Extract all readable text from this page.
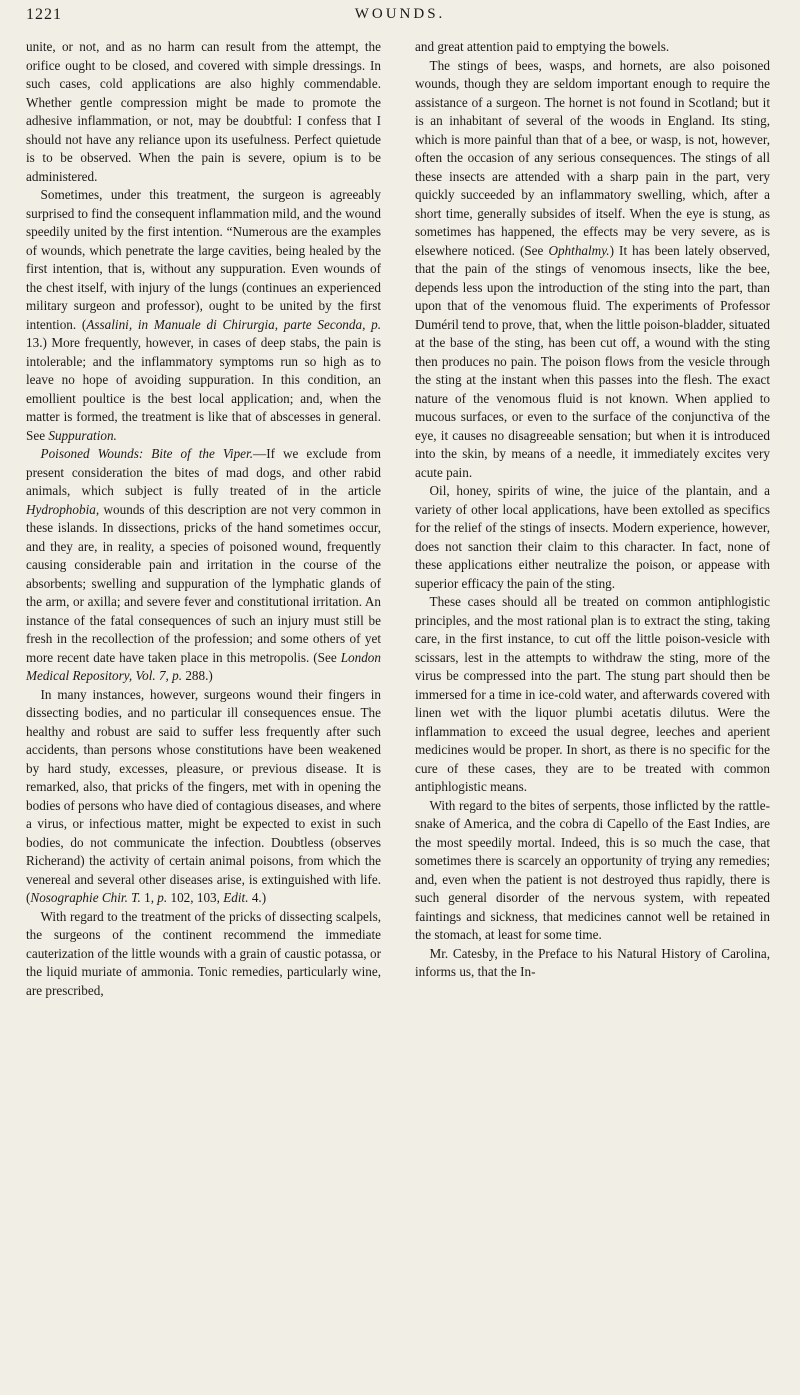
1221	WOUNDS.

unite, or not, and as no harm can result from the attempt, the orifice ought to be closed, and covered with simple dressings. In such cases, cold applications are also highly commendable. Whether gentle compression might be made to promote the adhesive inflammation, or not, may be doubtful: I confess that I should not have any reliance upon its usefulness. Perfect quietude is to be observed. When the pain is severe, opium is to be administered.

Sometimes, under this treatment, the surgeon is agreeably surprised to find the consequent inflammation mild, and the wound speedily united by the first intention. “Numerous are the examples of wounds, which penetrate the large cavities, being healed by the first intention, that is, without any suppuration. Even wounds of the chest itself, with injury of the lungs (continues an experienced military surgeon and professor), ought to be united by the first intention. (Assalini, in Manuale di Chirurgia, parte Seconda, p. 13.) More frequently, however, in cases of deep stabs, the pain is intolerable; and the inflammatory symptoms run so high as to leave no hope of avoiding suppuration. In this condition, an emollient poultice is the best local application; and, when the matter is formed, the treatment is like that of abscesses in general. See Suppuration.

Poisoned Wounds: Bite of the Viper.—If we exclude from present consideration the bites of mad dogs, and other rabid animals, which subject is fully treated of in the article Hydrophobia, wounds of this description are not very common in these islands. In dissections, pricks of the hand sometimes occur, and they are, in reality, a species of poisoned wound, frequently causing considerable pain and irritation in the course of the absorbents; swelling and suppuration of the lymphatic glands of the arm, or axilla; and severe fever and constitutional irritation. An instance of the fatal consequences of such an injury must still be fresh in the recollection of the profession; and some others of yet more recent date have taken place in this metropolis. (See London Medical Repository, Vol. 7, p. 288.)

In many instances, however, surgeons wound their fingers in dissecting bodies, and no particular ill consequences ensue. The healthy and robust are said to suffer less frequently after such accidents, than persons whose constitutions have been weakened by hard study, excesses, pleasure, or previous disease. It is remarked, also, that pricks of the fingers, met with in opening the bodies of persons who have died of contagious diseases, and where a virus, or infectious matter, might be expected to exist in such bodies, do not communicate the infection. Doubtless (observes Richerand) the activity of certain animal poisons, from which the venereal and several other diseases arise, is extinguished with life. (Nosographie Chir. T. 1, p. 102, 103, Edit. 4.)

With regard to the treatment of the pricks of dissecting scalpels, the surgeons of the continent recommend the immediate cauterization of the little wounds with a grain of caustic potassa, or the liquid muriate of ammonia. Tonic remedies, particularly wine, are prescribed,

and great attention paid to emptying the bowels.

The stings of bees, wasps, and hornets, are also poisoned wounds, though they are seldom important enough to require the assistance of a surgeon. The hornet is not found in Scotland; but it is an inhabitant of several of the woods in England. Its sting, which is more painful than that of a bee, or wasp, is not, however, often the occasion of any serious consequences. The stings of all these insects are attended with a sharp pain in the part, very quickly succeeded by an inflammatory swelling, which, after a short time, generally subsides of itself. When the eye is stung, as sometimes has happened, the effects may be very severe, as is elsewhere noticed. (See Ophthalmy.) It has been lately observed, that the pain of the stings of venomous insects, like the bee, depends less upon the introduction of the sting into the part, than upon that of the venomous fluid. The experiments of Professor Duméril tend to prove, that, when the little poison-bladder, situated at the base of the sting, has been cut off, a wound with the sting then produces no pain. The poison flows from the vesicle through the sting at the instant when this passes into the flesh. The exact nature of the venomous fluid is not known. When applied to mucous surfaces, or even to the surface of the conjunctiva of the eye, it causes no disagreeable sensation; but when it is introduced into the skin, by means of a needle, it immediately excites very acute pain.

Oil, honey, spirits of wine, the juice of the plantain, and a variety of other local applications, have been extolled as specifics for the relief of the stings of insects. Modern experience, however, does not sanction their claim to this character. In fact, none of these applications either neutralize the poison, or appease with superior efficacy the pain of the sting.

These cases should all be treated on common antiphlogistic principles, and the most rational plan is to extract the sting, taking care, in the first instance, to cut off the little poison-vesicle with scissars, lest in the attempts to withdraw the sting, more of the virus be compressed into the part. The stung part should then be immersed for a time in ice-cold water, and afterwards covered with linen wet with the liquor plumbi acetatis dilutus. Were the inflammation to exceed the usual degree, leeches and aperient medicines would be proper. In short, as there is no specific for the cure of these cases, they are to be treated with common antiphlogistic means.

With regard to the bites of serpents, those inflicted by the rattle-snake of America, and the cobra di Capello of the East Indies, are the most speedily mortal. Indeed, this is so much the case, that sometimes there is scarcely an opportunity of trying any remedies; and, even when the patient is not destroyed thus rapidly, there is such general disorder of the nervous system, with repeated faintings and sickness, that medicines cannot well be retained in the stomach, at least for some time.

Mr. Catesby, in the Preface to his Natural History of Carolina, informs us, that the In-
